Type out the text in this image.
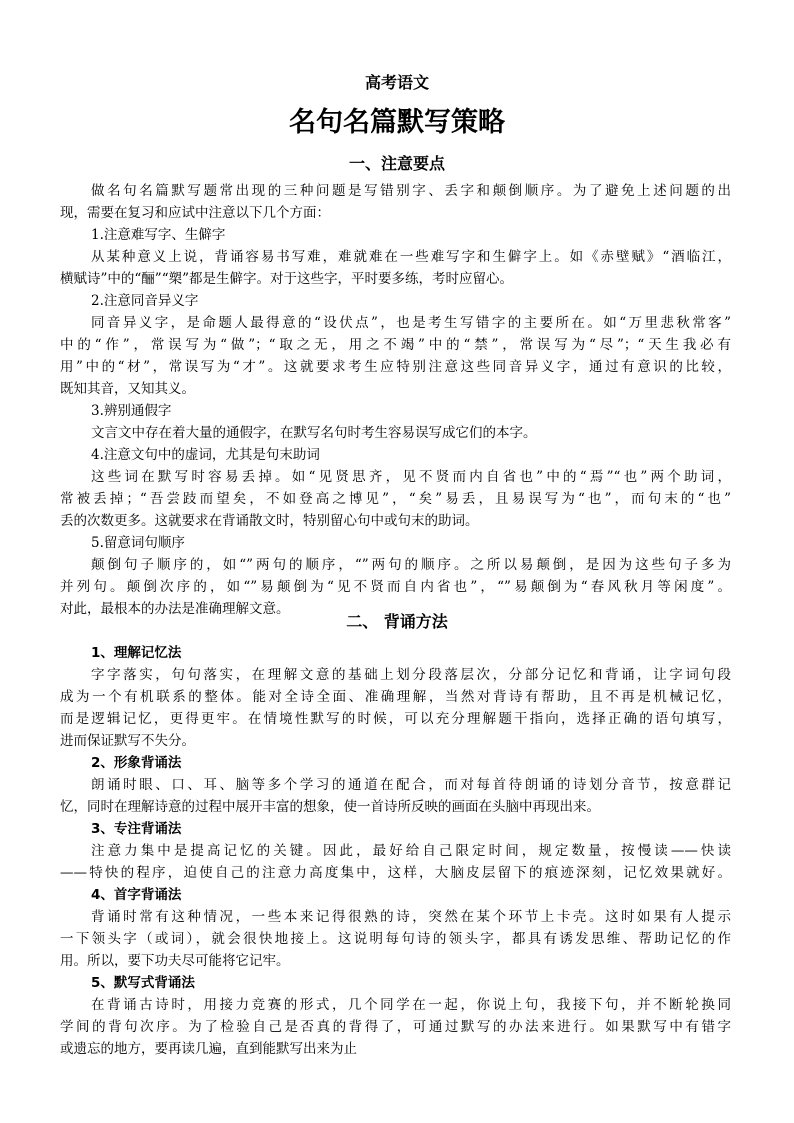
高考语文
名句名篇默写策略
一、注意要点
做名句名篇默写题常出现的三种问题是写错别字、丢字和颠倒顺序。为了避免上述问题的出
现，需要在复习和应试中注意以下几个方面：
1.注意难写字、生僻字
从某种意义上说，背诵容易书写难，难就难在一些难写字和生僻字上。如《赤壁赋》“酒临江，
横赋诗”中的“酾”“槊”都是生僻字。对于这些字，平时要多练，考时应留心。
2.注意同音异义字
同音异义字，是命题人最得意的“设伏点”，也是考生写错字的主要所在。如“万里悲秋常客”
中的“作”，常误写为“做”；“取之无，用之不竭”中的“禁”，常误写为“尽”；“天生我必有
用”中的“材”，常误写为“才”。这就要求考生应特别注意这些同音异义字，通过有意识的比较，
既知其音，又知其义。
3.辨别通假字
文言文中存在着大量的通假字，在默写名句时考生容易误写成它们的本字。
4.注意文句中的虚词，尤其是句末助词
这些词在默写时容易丢掉。如“见贤思齐，见不贤而内自省也”中的“焉”“也”两个助词，
常被丢掉；“吾尝跂而望矣，不如登高之博见”，“矣”易丢，且易误写为“也”，而句末的“也”
丢的次数更多。这就要求在背诵散文时，特别留心句中或句末的助词。
5.留意词句顺序
颠倒句子顺序的，如“”两句的顺序，“”两句的顺序。之所以易颠倒，是因为这些句子多为
并列句。颠倒次序的，如“”易颠倒为“见不贤而自内省也”，“”易颠倒为“春风秋月等闲度”。
对此，最根本的办法是准确理解文意。
二、 背诵方法
1、理解记忆法
字字落实，句句落实，在理解文意的基础上划分段落层次，分部分记忆和背诵，让字词句段
成为一个有机联系的整体。能对全诗全面、准确理解，当然对背诗有帮助，且不再是机械记忆，
而是逻辑记忆，更得更牢。在情境性默写的时候，可以充分理解题干指向，选择正确的语句填写，
进而保证默写不失分。
2、形象背诵法
朗诵时眼、口、耳、脑等多个学习的通道在配合，而对每首待朗诵的诗划分音节，按意群记
忆，同时在理解诗意的过程中展开丰富的想象，使一首诗所反映的画面在头脑中再现出来。
3、专注背诵法
注意力集中是提高记忆的关键。因此，最好给自己限定时间，规定数量，按慢读——快读
——特快的程序，迫使自己的注意力高度集中，这样，大脑皮层留下的痕迹深刻，记忆效果就好。
4、首字背诵法
背诵时常有这种情况，一些本来记得很熟的诗，突然在某个环节上卡壳。这时如果有人提示
一下领头字（或词），就会很快地接上。这说明每句诗的领头字，都具有诱发思维、帮助记忆的作
用。所以，要下功夫尽可能将它记牢。
5、默写式背诵法
在背诵古诗时，用接力竞赛的形式，几个同学在一起，你说上句，我接下句，并不断轮换同
学间的背句次序。为了检验自己是否真的背得了，可通过默写的办法来进行。如果默写中有错字
或遗忘的地方，要再读几遍，直到能默写出来为止
